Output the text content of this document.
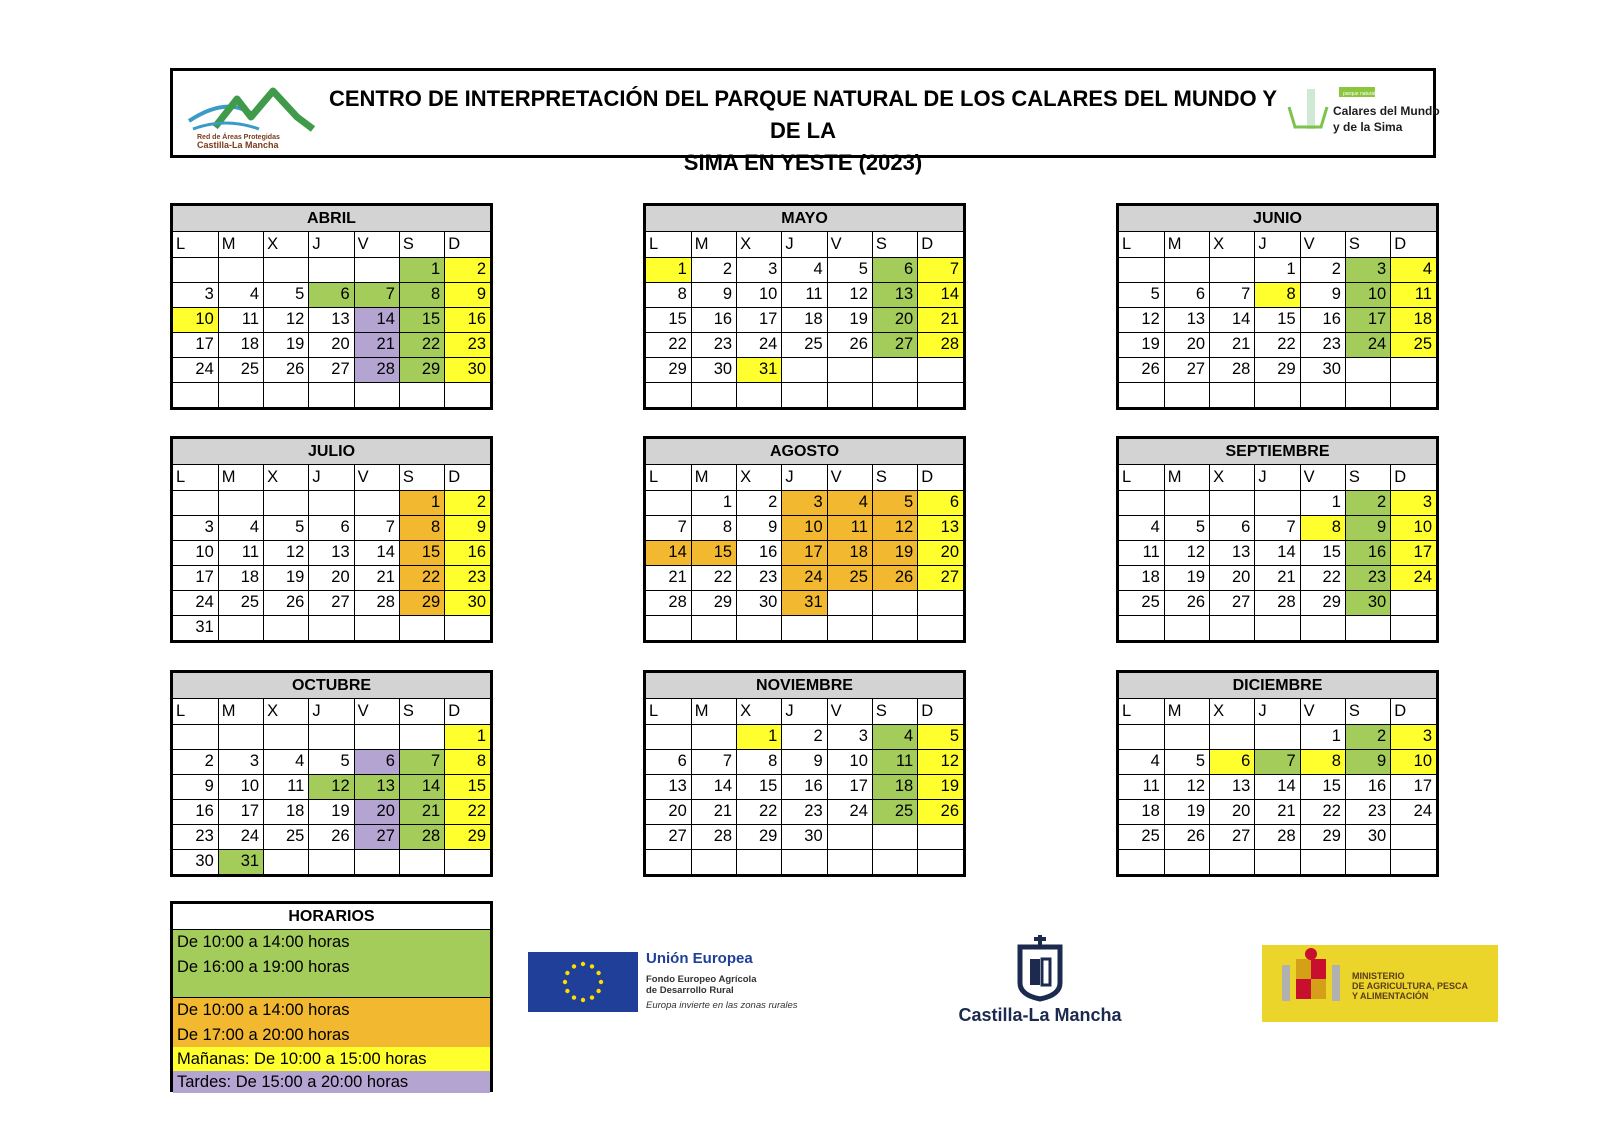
Red de Áreas Protegidas
Castilla-La Mancha
CENTRO DE INTERPRETACIÓN DEL PARQUE NATURAL DE LOS CALARES DEL MUNDO Y DE LA
SIMA EN YESTE (2023)
parque natural
Calares del Mundo
y de la Sima
ABRIL
L	M	X	J	V	S	D
					1	2
3	4	5	6	7	8	9
10	11	12	13	14	15	16
17	18	19	20	21	22	23
24	25	26	27	28	29	30

MAYO
L	M	X	J	V	S	D
1	2	3	4	5	6	7
8	9	10	11	12	13	14
15	16	17	18	19	20	21
22	23	24	25	26	27	28
29	30	31				

JUNIO
L	M	X	J	V	S	D
			1	2	3	4
5	6	7	8	9	10	11
12	13	14	15	16	17	18
19	20	21	22	23	24	25
26	27	28	29	30		

JULIO
L	M	X	J	V	S	D
					1	2
3	4	5	6	7	8	9
10	11	12	13	14	15	16
17	18	19	20	21	22	23
24	25	26	27	28	29	30
31						
AGOSTO
L	M	X	J	V	S	D
	1	2	3	4	5	6
7	8	9	10	11	12	13
14	15	16	17	18	19	20
21	22	23	24	25	26	27
28	29	30	31			

SEPTIEMBRE
L	M	X	J	V	S	D
				1	2	3
4	5	6	7	8	9	10
11	12	13	14	15	16	17
18	19	20	21	22	23	24
25	26	27	28	29	30	

OCTUBRE
L	M	X	J	V	S	D
						1
2	3	4	5	6	7	8
9	10	11	12	13	14	15
16	17	18	19	20	21	22
23	24	25	26	27	28	29
30	31					
NOVIEMBRE
L	M	X	J	V	S	D
		1	2	3	4	5
6	7	8	9	10	11	12
13	14	15	16	17	18	19
20	21	22	23	24	25	26
27	28	29	30			

DICIEMBRE
L	M	X	J	V	S	D
				1	2	3
4	5	6	7	8	9	10
11	12	13	14	15	16	17
18	19	20	21	22	23	24
25	26	27	28	29	30	

HORARIOS
De 10:00 a 14:00 horas
De 16:00 a 19:00 horas
De 10:00 a 14:00 horas
De 17:00 a 20:00 horas
Mañanas: De 10:00 a 15:00 horas
Tardes: De 15:00 a 20:00 horas
Unión Europea
Fondo Europeo Agrícola
de Desarrollo Rural
Europa invierte en las zonas rurales	Castilla-La Mancha
MINISTERIO
DE AGRICULTURA, PESCA
Y ALIMENTACIÓN
